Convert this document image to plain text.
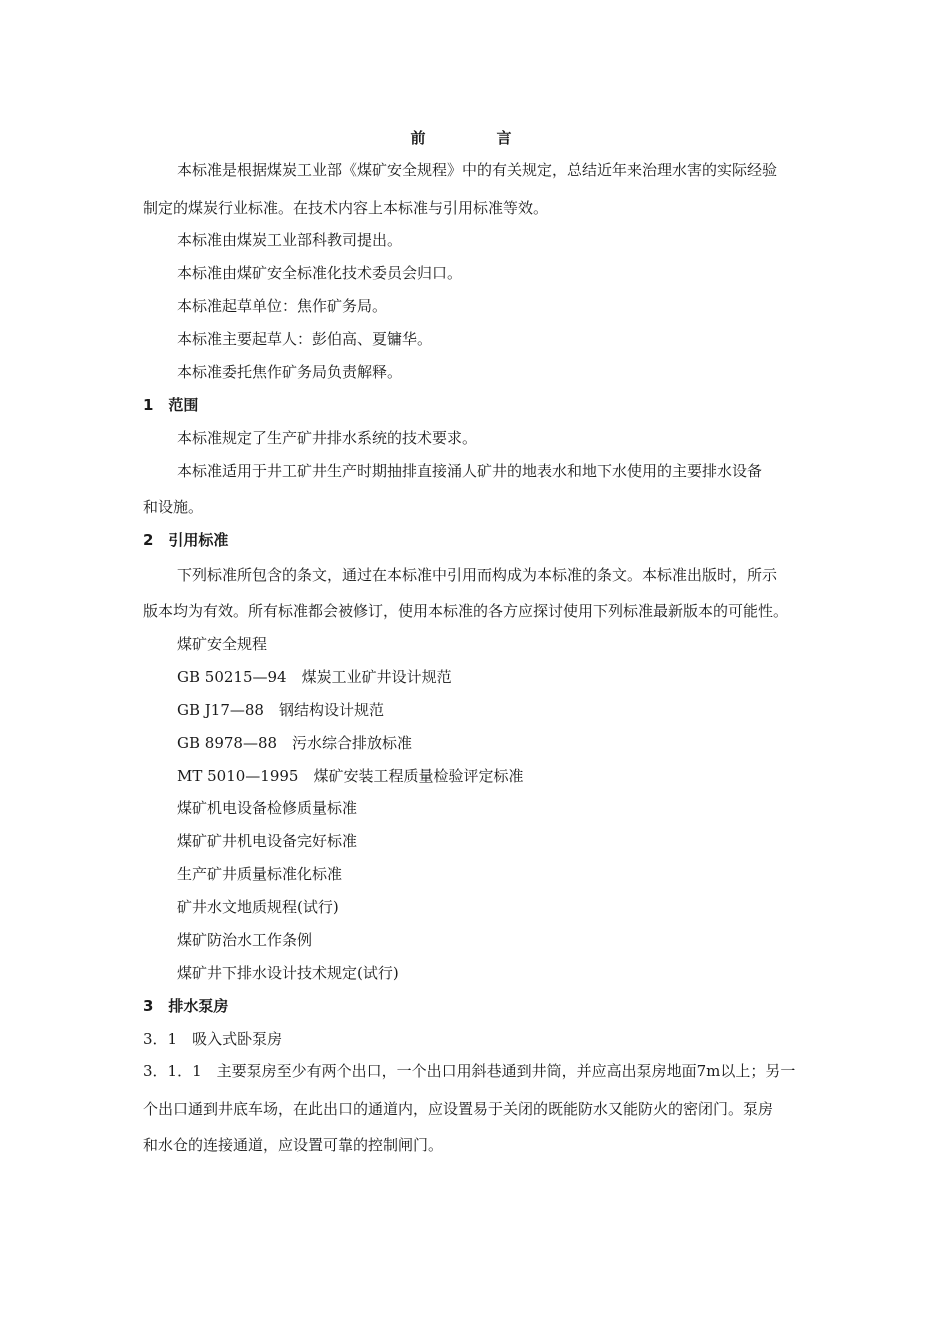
前　言
本标准是根据煤炭工业部《煤矿安全规程》中的有关规定，总结近年来治理水害的实际经验
制定的煤炭行业标准。在技术内容上本标准与引用标准等效。
本标准由煤炭工业部科教司提出。
本标准由煤矿安全标准化技术委员会归口。
本标准起草单位：焦作矿务局。
本标准主要起草人：彭伯高、夏镛华。
本标准委托焦作矿务局负责解释。
1　范围
本标准规定了生产矿井排水系统的技术要求。
本标准适用于井工矿井生产时期抽排直接涌人矿井的地表水和地下水使用的主要排水设备
和设施。
2　引用标准
下列标准所包含的条文，通过在本标准中引用而构成为本标准的条文。本标准出版时，所示
版本均为有效。所有标准都会被修订，使用本标准的各方应探讨使用下列标准最新版本的可能性。
煤矿安全规程
GB 50215—94　煤炭工业矿井设计规范
GB J17—88　钢结构设计规范
GB 8978—88　污水综合排放标准
MT 5010—1995　煤矿安装工程质量检验评定标准
煤矿机电设备检修质量标准
煤矿矿井机电设备完好标准
生产矿井质量标准化标准
矿井水文地质规程(试行)
煤矿防治水工作条例
煤矿井下排水设计技术规定(试行)
3　排水泵房
3．1　吸入式卧泵房
3．1．1　主要泵房至少有两个出口，一个出口用斜巷通到井筒，并应高出泵房地面7m以上；另一
个出口通到井底车场，在此出口的通道内，应设置易于关闭的既能防水又能防火的密闭门。泵房
和水仓的连接通道，应设置可靠的控制闸门。
